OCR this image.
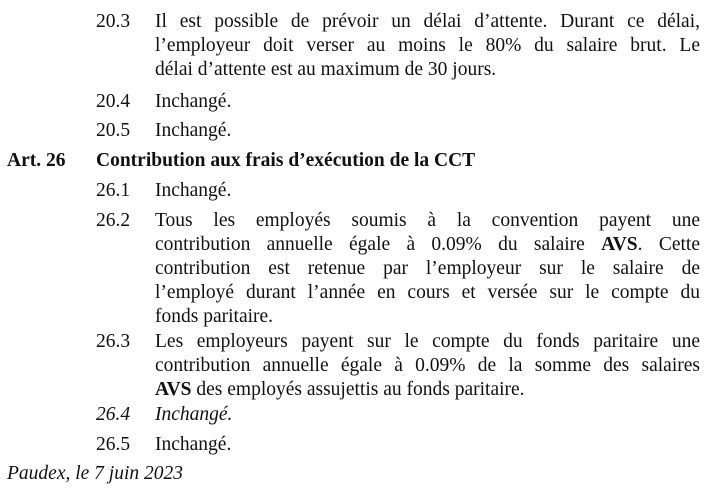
20.3 Il est possible de prévoir un délai d’attente. Durant ce délai,
l’employeur doit verser au moins le 80% du salaire brut. Le
délai d’attente est au maximum de 30 jours.
20.4 Inchangé.
20.5 Inchangé.
Art. 26 Contribution aux frais d’exécution de la CCT
26.1 Inchangé.
26.2 Tous les employés soumis à la convention payent une
contribution annuelle égale à 0.09% du salaire AVS. Cette
contribution est retenue par l’employeur sur le salaire de
l’employé durant l’année en cours et versée sur le compte du
fonds paritaire.
26.3 Les employeurs payent sur le compte du fonds paritaire une
contribution annuelle égale à 0.09% de la somme des salaires
AVS des employés assujettis au fonds paritaire.
26.4 Inchangé.
26.5 Inchangé.
Paudex, le 7 juin 2023
